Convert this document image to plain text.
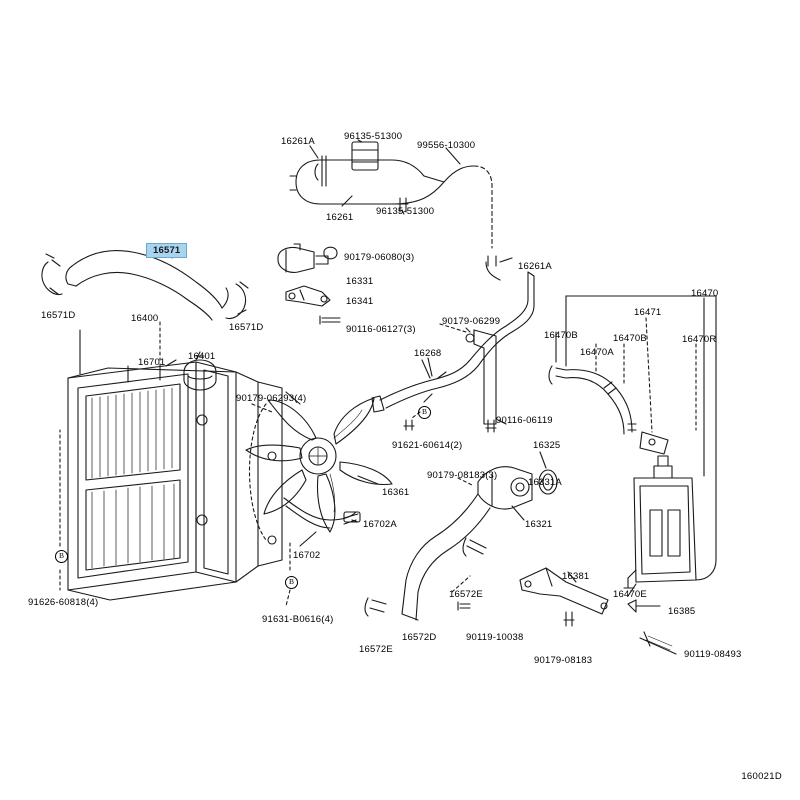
16261A	96135-51300
99556-10300
16261
96135-51300
16571
90179-06080(3)
16261A
16470
16471
16331
16341
16571D	16400
16571D	90116-06127(3)
90179-06299
16470B
16470A
16470B	16470R
16401
16701
16268
90179-06293(4)
90116-06119
91621-60614(2)	16325
16331A
90179-08183(3)
16361
16321
16702A
16702
16381
16572E	16470E
16385
91626-60818(4)
91631-B0616(4)
16572D	90119-10038
16572E
90179-08183
90119-08493
160021D
B
B
B
